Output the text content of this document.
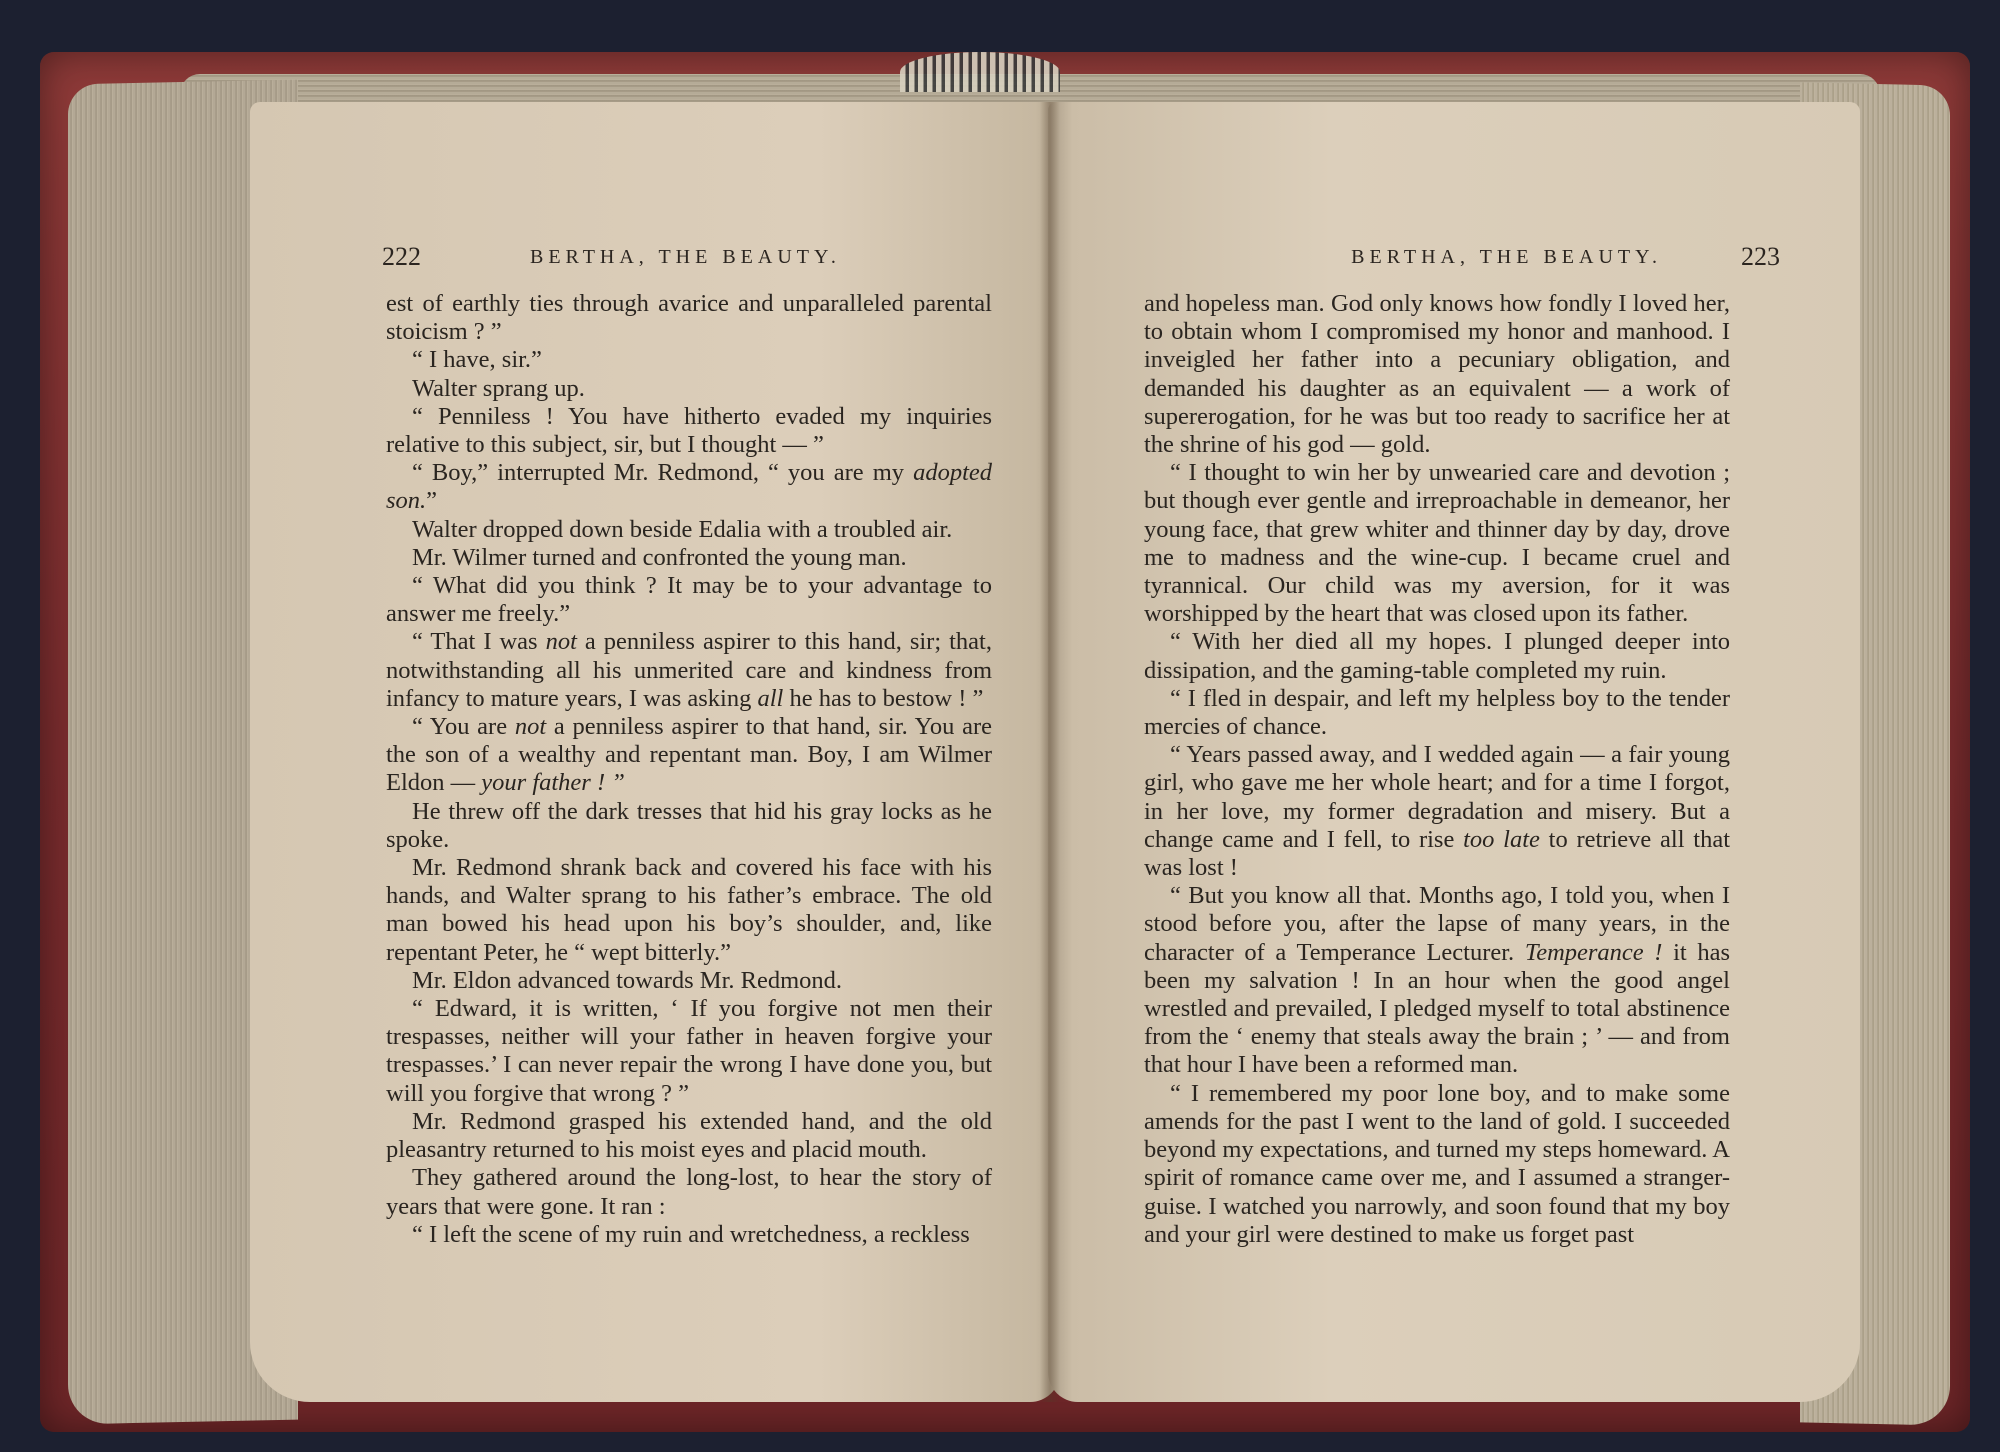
222	BERTHA, THE BEAUTY.

est of earthly ties through avarice and unparalleled parental stoicism ? ”

“ I have, sir.”

Walter sprang up.

“ Penniless ! You have hitherto evaded my inquiries relative to this subject, sir, but I thought — ”

“ Boy,” interrupted Mr. Redmond, “ you are my adopted son.”

Walter dropped down beside Edalia with a troubled air.

Mr. Wilmer turned and confronted the young man.

“ What did you think ? It may be to your advantage to answer me freely.”

“ That I was not a penniless aspirer to this hand, sir; that, notwithstanding all his unmerited care and kindness from infancy to mature years, I was asking all he has to bestow ! ”

“ You are not a penniless aspirer to that hand, sir. You are the son of a wealthy and repentant man. Boy, I am Wilmer Eldon — your father ! ”

He threw off the dark tresses that hid his gray locks as he spoke.

Mr. Redmond shrank back and covered his face with his hands, and Walter sprang to his father’s embrace. The old man bowed his head upon his boy’s shoulder, and, like repentant Peter, he “ wept bitterly.”

Mr. Eldon advanced towards Mr. Redmond.

“ Edward, it is written, ‘ If you forgive not men their trespasses, neither will your father in heaven forgive your trespasses.’ I can never repair the wrong I have done you, but will you forgive that wrong ? ”

Mr. Redmond grasped his extended hand, and the old pleasantry returned to his moist eyes and placid mouth.

They gathered around the long-lost, to hear the story of years that were gone. It ran :

“ I left the scene of my ruin and wretchedness, a reckless

BERTHA, THE BEAUTY.	223

and hopeless man. God only knows how fondly I loved her, to obtain whom I compromised my honor and manhood. I inveigled her father into a pecuniary obligation, and demanded his daughter as an equivalent — a work of supererogation, for he was but too ready to sacrifice her at the shrine of his god — gold.

“ I thought to win her by unwearied care and devotion ; but though ever gentle and irreproachable in demeanor, her young face, that grew whiter and thinner day by day, drove me to madness and the wine-cup. I became cruel and tyrannical. Our child was my aversion, for it was worshipped by the heart that was closed upon its father.

“ With her died all my hopes. I plunged deeper into dissipation, and the gaming-table completed my ruin.

“ I fled in despair, and left my helpless boy to the tender mercies of chance.

“ Years passed away, and I wedded again — a fair young girl, who gave me her whole heart; and for a time I forgot, in her love, my former degradation and misery. But a change came and I fell, to rise too late to retrieve all that was lost !

“ But you know all that. Months ago, I told you, when I stood before you, after the lapse of many years, in the character of a Temperance Lecturer. Temperance ! it has been my salvation ! In an hour when the good angel wrestled and prevailed, I pledged myself to total abstinence from the ‘ enemy that steals away the brain ; ’ — and from that hour I have been a reformed man.

“ I remembered my poor lone boy, and to make some amends for the past I went to the land of gold. I succeeded beyond my expectations, and turned my steps homeward. A spirit of romance came over me, and I assumed a stranger-guise. I watched you narrowly, and soon found that my boy and your girl were destined to make us forget past
